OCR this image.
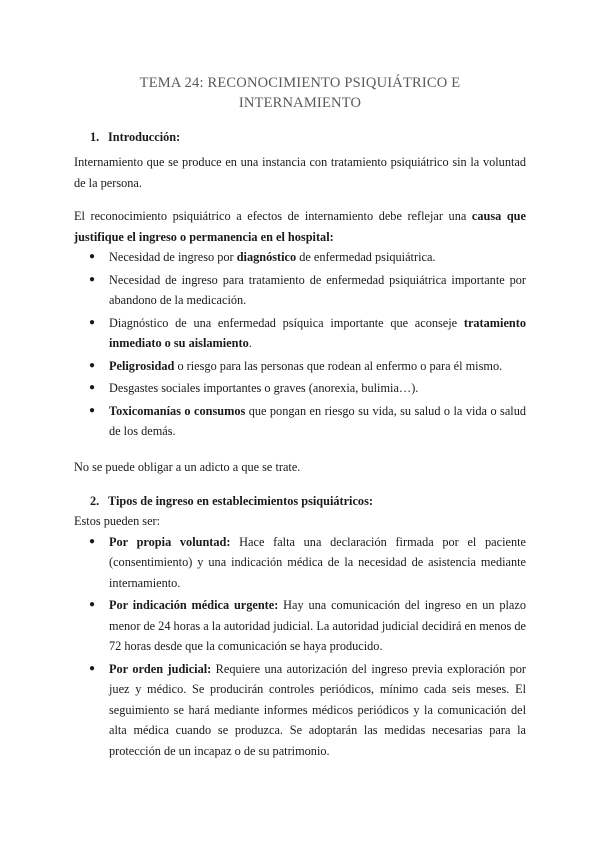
TEMA 24: RECONOCIMIENTO PSIQUIÁTRICO E
INTERNAMIENTO
1. Introducción:

Internamiento que se produce en una instancia con tratamiento psiquiátrico sin la voluntad de la persona.

El reconocimiento psiquiátrico a efectos de internamiento debe reflejar una causa que justifique el ingreso o permanencia en el hospital:

● Necesidad de ingreso por diagnóstico de enfermedad psiquiátrica.
● Necesidad de ingreso para tratamiento de enfermedad psiquiátrica importante por abandono de la medicación.
● Diagnóstico de una enfermedad psíquica importante que aconseje tratamiento inmediato o su aislamiento.
● Peligrosidad o riesgo para las personas que rodean al enfermo o para él mismo.
● Desgastes sociales importantes o graves (anorexia, bulimia…).
● Toxicomanías o consumos que pongan en riesgo su vida, su salud o la vida o salud de los demás.

No se puede obligar a un adicto a que se trate.

2. Tipos de ingreso en establecimientos psiquiátricos:

Estos pueden ser:

● Por propia voluntad: Hace falta una declaración firmada por el paciente (consentimiento) y una indicación médica de la necesidad de asistencia mediante internamiento.
● Por indicación médica urgente: Hay una comunicación del ingreso en un plazo menor de 24 horas a la autoridad judicial. La autoridad judicial decidirá en menos de 72 horas desde que la comunicación se haya producido.
● Por orden judicial: Requiere una autorización del ingreso previa exploración por juez y médico. Se producirán controles periódicos, mínimo cada seis meses. El seguimiento se hará mediante informes médicos periódicos y la comunicación del alta médica cuando se produzca. Se adoptarán las medidas necesarias para la protección de un incapaz o de su patrimonio.
